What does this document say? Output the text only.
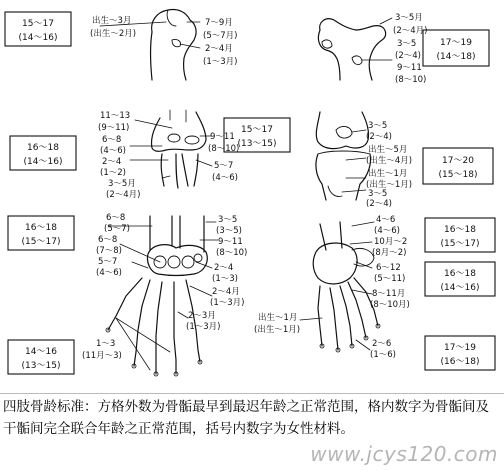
15～17
(14～16)	17～19
(14～18)
16～18
(14～16)
15～17
(13～15)
17～20
(15～18)
16～18
(15～17)
14～16
(13～15)
16～18
(15～17)
16～18
(14～16)
17～19
(16～18)
出生～3月
(出生～2月)
7～9月
(5～7月)
2～4月
(1～3月)
3～5月
(2～4月)
3～5
(2～4)
9～11
(8～10)
11～13
(9～11)
6～8
(4～6)
2～4
(1～2)
3～5月
(2～4月)
9～11
(8～10)
5～7
(4～6)
3～5
(2～4)
出生～5月
(出生～4月)
出生～1月
(出生～1月)
3～5
(2～4)
6～8
(5～7)
6～8
(7～8)
5～7
(4～6)
3～5
(3～5)
9～11
(8～10)
2～4
(1～3)
2～4月
(1～3月)
2～3月
(1～3月)
1～3
(11月～3)
4～6
(4～6)
10月～2
(8月～2)
6～12
(5～11)
8～11月
(8～10月)
出生～1月
(出生～1月)
2～6
(1～6)
四肢骨龄标准：方格外数为骨骺最早到最迟年龄之正常范围，格内数字为骨骺间及干骺间完全联合年龄之正常范围，括号内数字为女性材料。
www.jcys120.com
